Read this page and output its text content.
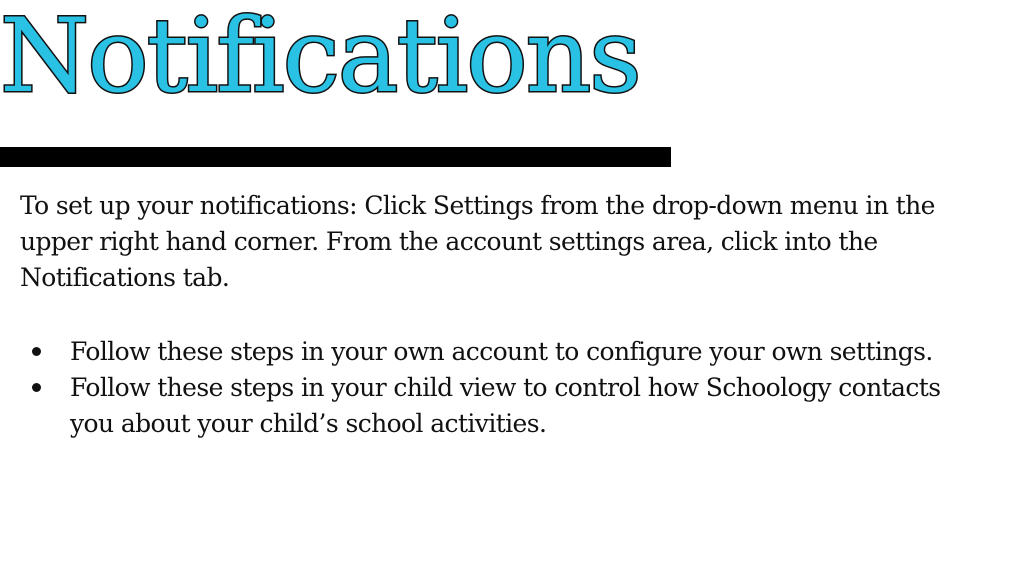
Notifications

To set up your notifications: Click Settings from the drop-down menu in the upper right hand corner. From the account settings area, click into the Notifications tab.

Follow these steps in your own account to configure your own settings.
Follow these steps in your child view to control how Schoology contacts you about your child’s school activities.
